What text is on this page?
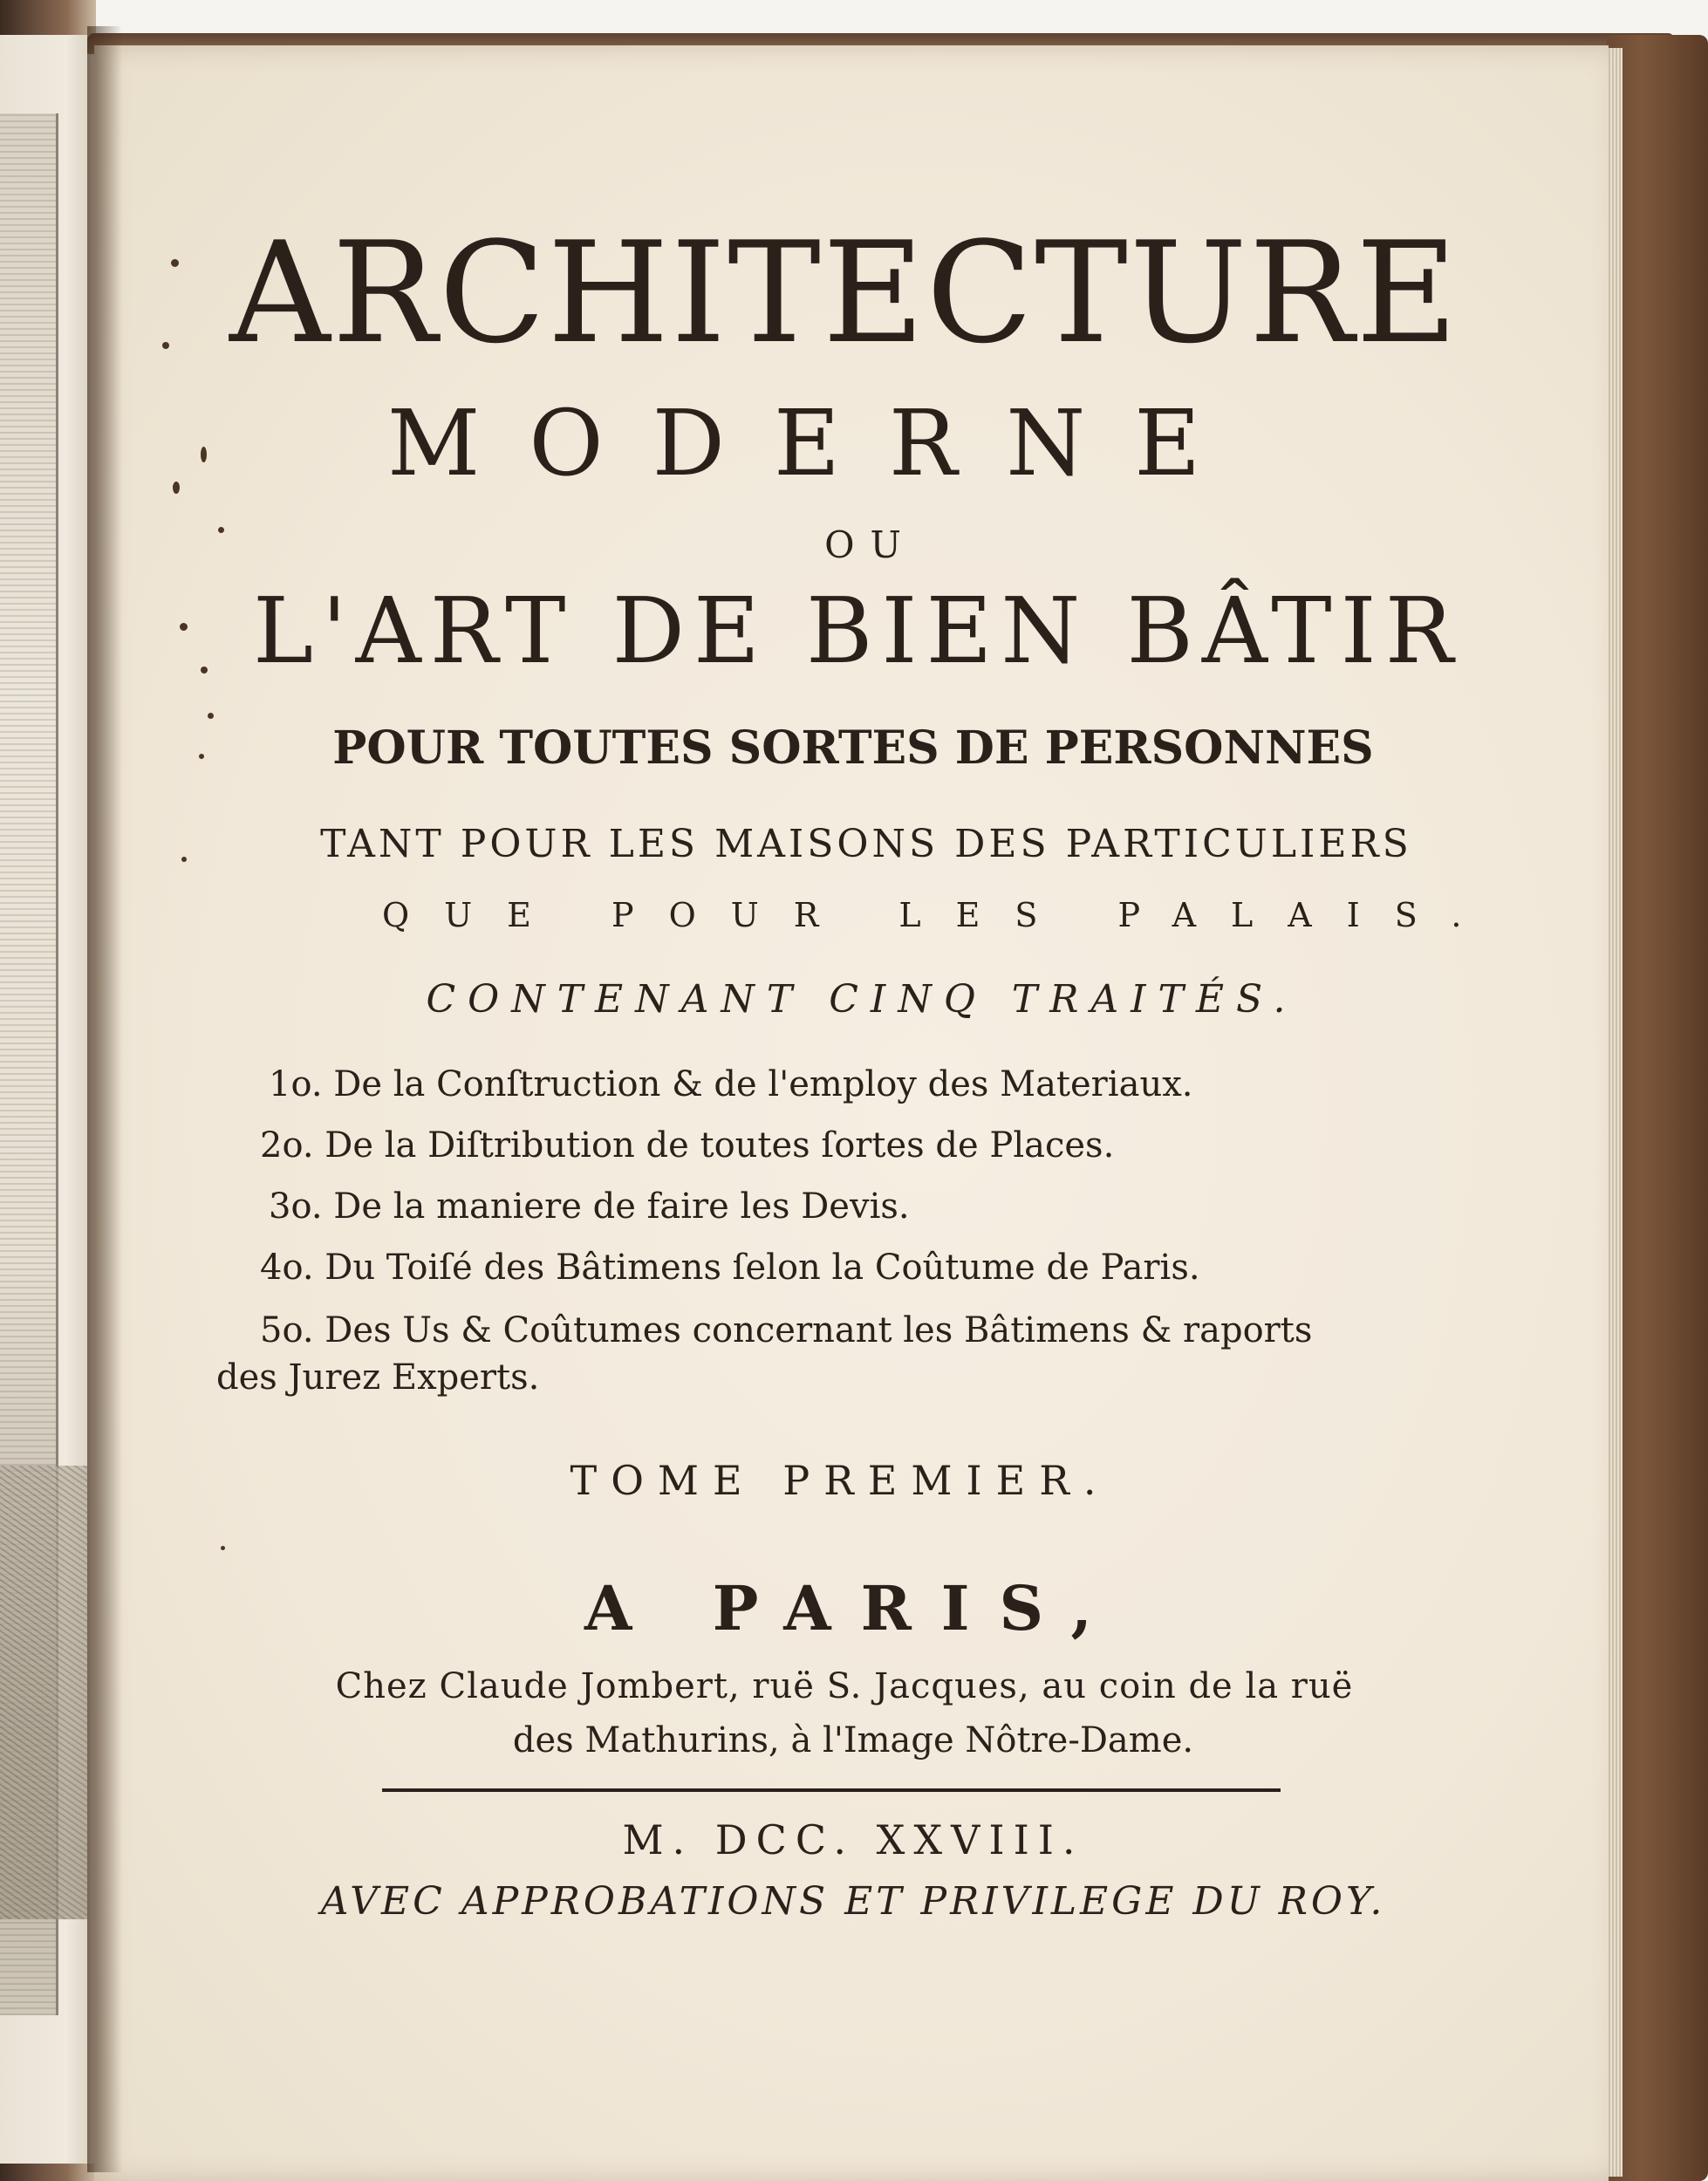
ARCHITECTURE

MODERNE

OU

L'ART DE BIEN BÂTIR

POUR TOUTES SORTES DE PERSONNES

TANT POUR LES MAISONS DES PARTICULIERS

QUE POUR LES PALAIS.

CONTENANT CINQ TRAITÉS.

1o. De la Conſtruction & de l'employ des Materiaux.

2o. De la Diſtribution de toutes ſortes de Places.

3o. De la maniere de faire les Devis.

4o. Du Toiſé des Bâtimens ſelon la Coûtume de Paris.

5o. Des Us & Coûtumes concernant les Bâtimens & raports

des Jurez Experts.

TOME PREMIER.

A PARIS,

Chez Claude Jombert, ruë S. Jacques, au coin de la ruë

des Mathurins, à l'Image Nôtre-Dame.

M. DCC. XXVIII.

AVEC APPROBATIONS ET PRIVILEGE DU ROY.
